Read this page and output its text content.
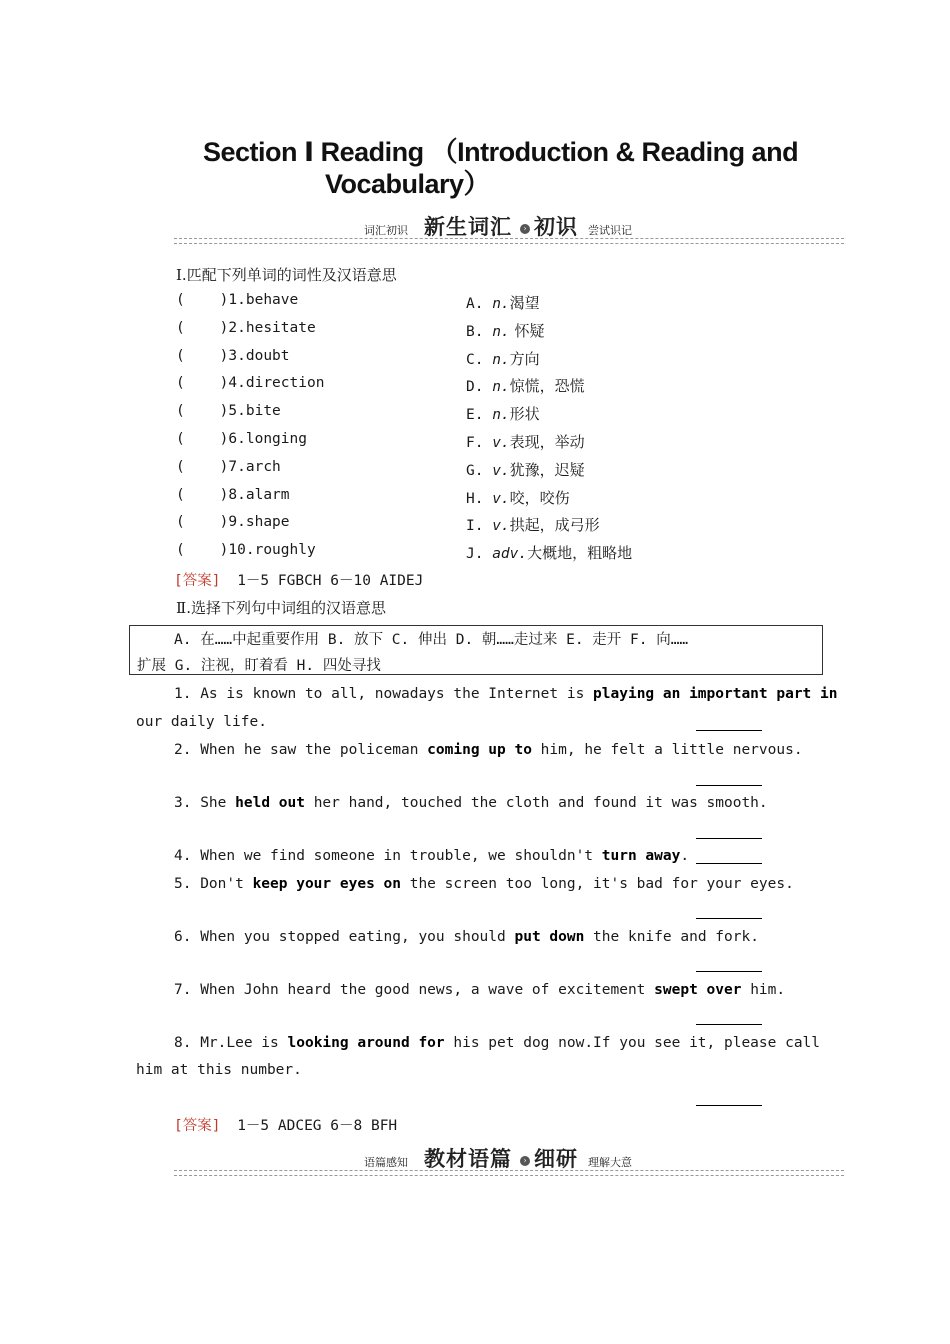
Section Ⅰ Reading （Introduction & Reading and
Vocabulary）
词汇初识 新生词汇	› 初识 尝试识记
Ⅰ.匹配下列单词的词性及汉语意思
(    )1.behave	A. n.渴望
(    )2.hesitate	B. n. 怀疑
(    )3.doubt	C. n.方向
(    )4.direction	D. n.惊慌，恐慌
(    )5.bite	E. n.形状
(    )6.longing	F. v.表现，举动
(    )7.arch	G. v.犹豫，迟疑
(    )8.alarm	H. v.咬，咬伤
(    )9.shape	I. v.拱起，成弓形
(    )10.roughly	J. adv.大概地，粗略地
[答案] 1－5 FGBCH 6－10 AIDEJ
Ⅱ.选择下列句中词组的汉语意思
A. 在……中起重要作用 B. 放下 C. 伸出 D. 朝……走过来 E. 走开 F. 向……
扩展 G. 注视，盯着看 H. 四处寻找
1. As is known to all, nowadays the Internet is playing an important part in
our daily life.
2. When he saw the policeman coming up to him, he felt a little nervous.
3. She held out her hand, touched the cloth and found it was smooth.
4. When we find someone in trouble, we shouldn't turn away.
5. Don't keep your eyes on the screen too long, it's bad for your eyes.
6. When you stopped eating, you should put down the knife and fork.
7. When John heard the good news, a wave of excitement swept over him.
8. Mr.Lee is looking around for his pet dog now.If you see it, please call
him at this number.
[答案] 1－5 ADCEG 6－8 BFH
语篇感知 教材语篇	› 细研 理解大意
